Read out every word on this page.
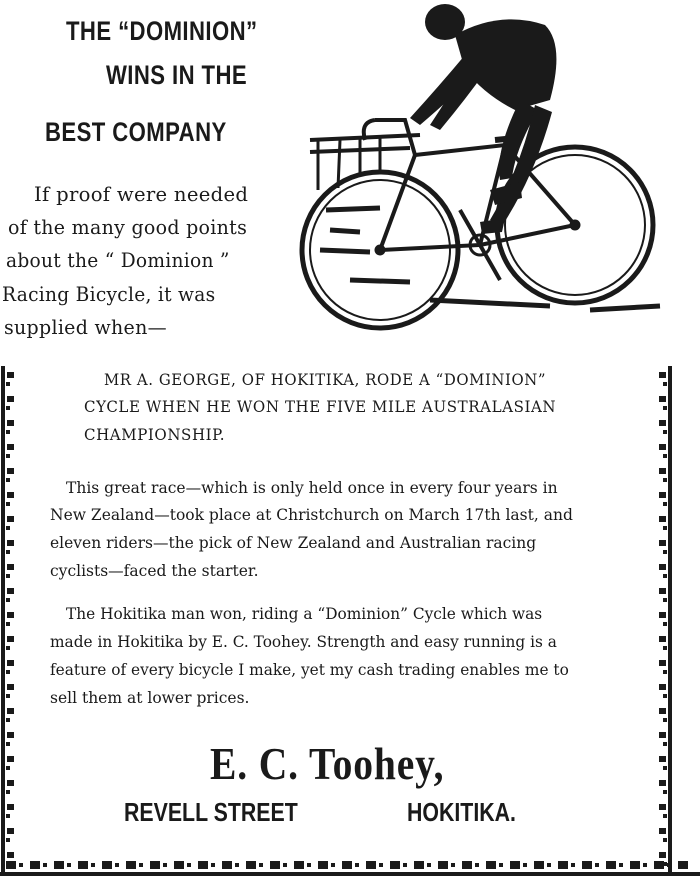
THE “DOMINION”
WINS IN THE
BEST COMPANY
If proof were needed
of the many good points
about the “ Dominion ”
Racing Bicycle, it was
supplied when—
MR A. GEORGE, OF HOKITIKA, RODE A “DOMINION”
CYCLE WHEN HE WON THE FIVE MILE AUSTRALASIAN
CHAMPIONSHIP.
This great race—which is only held once in every four years in
New Zealand—took place at Christchurch on March 17th last, and
eleven riders—the pick of New Zealand and Australian racing
cyclists—faced the starter.
The Hokitika man won, riding a “Dominion” Cycle which was
made in Hokitika by E. C. Toohey. Strength and easy running is a
feature of every bicycle I make, yet my cash trading enables me to
sell them at lower prices.
E. C. Toohey,
REVELL STREET	HOKITIKA.
